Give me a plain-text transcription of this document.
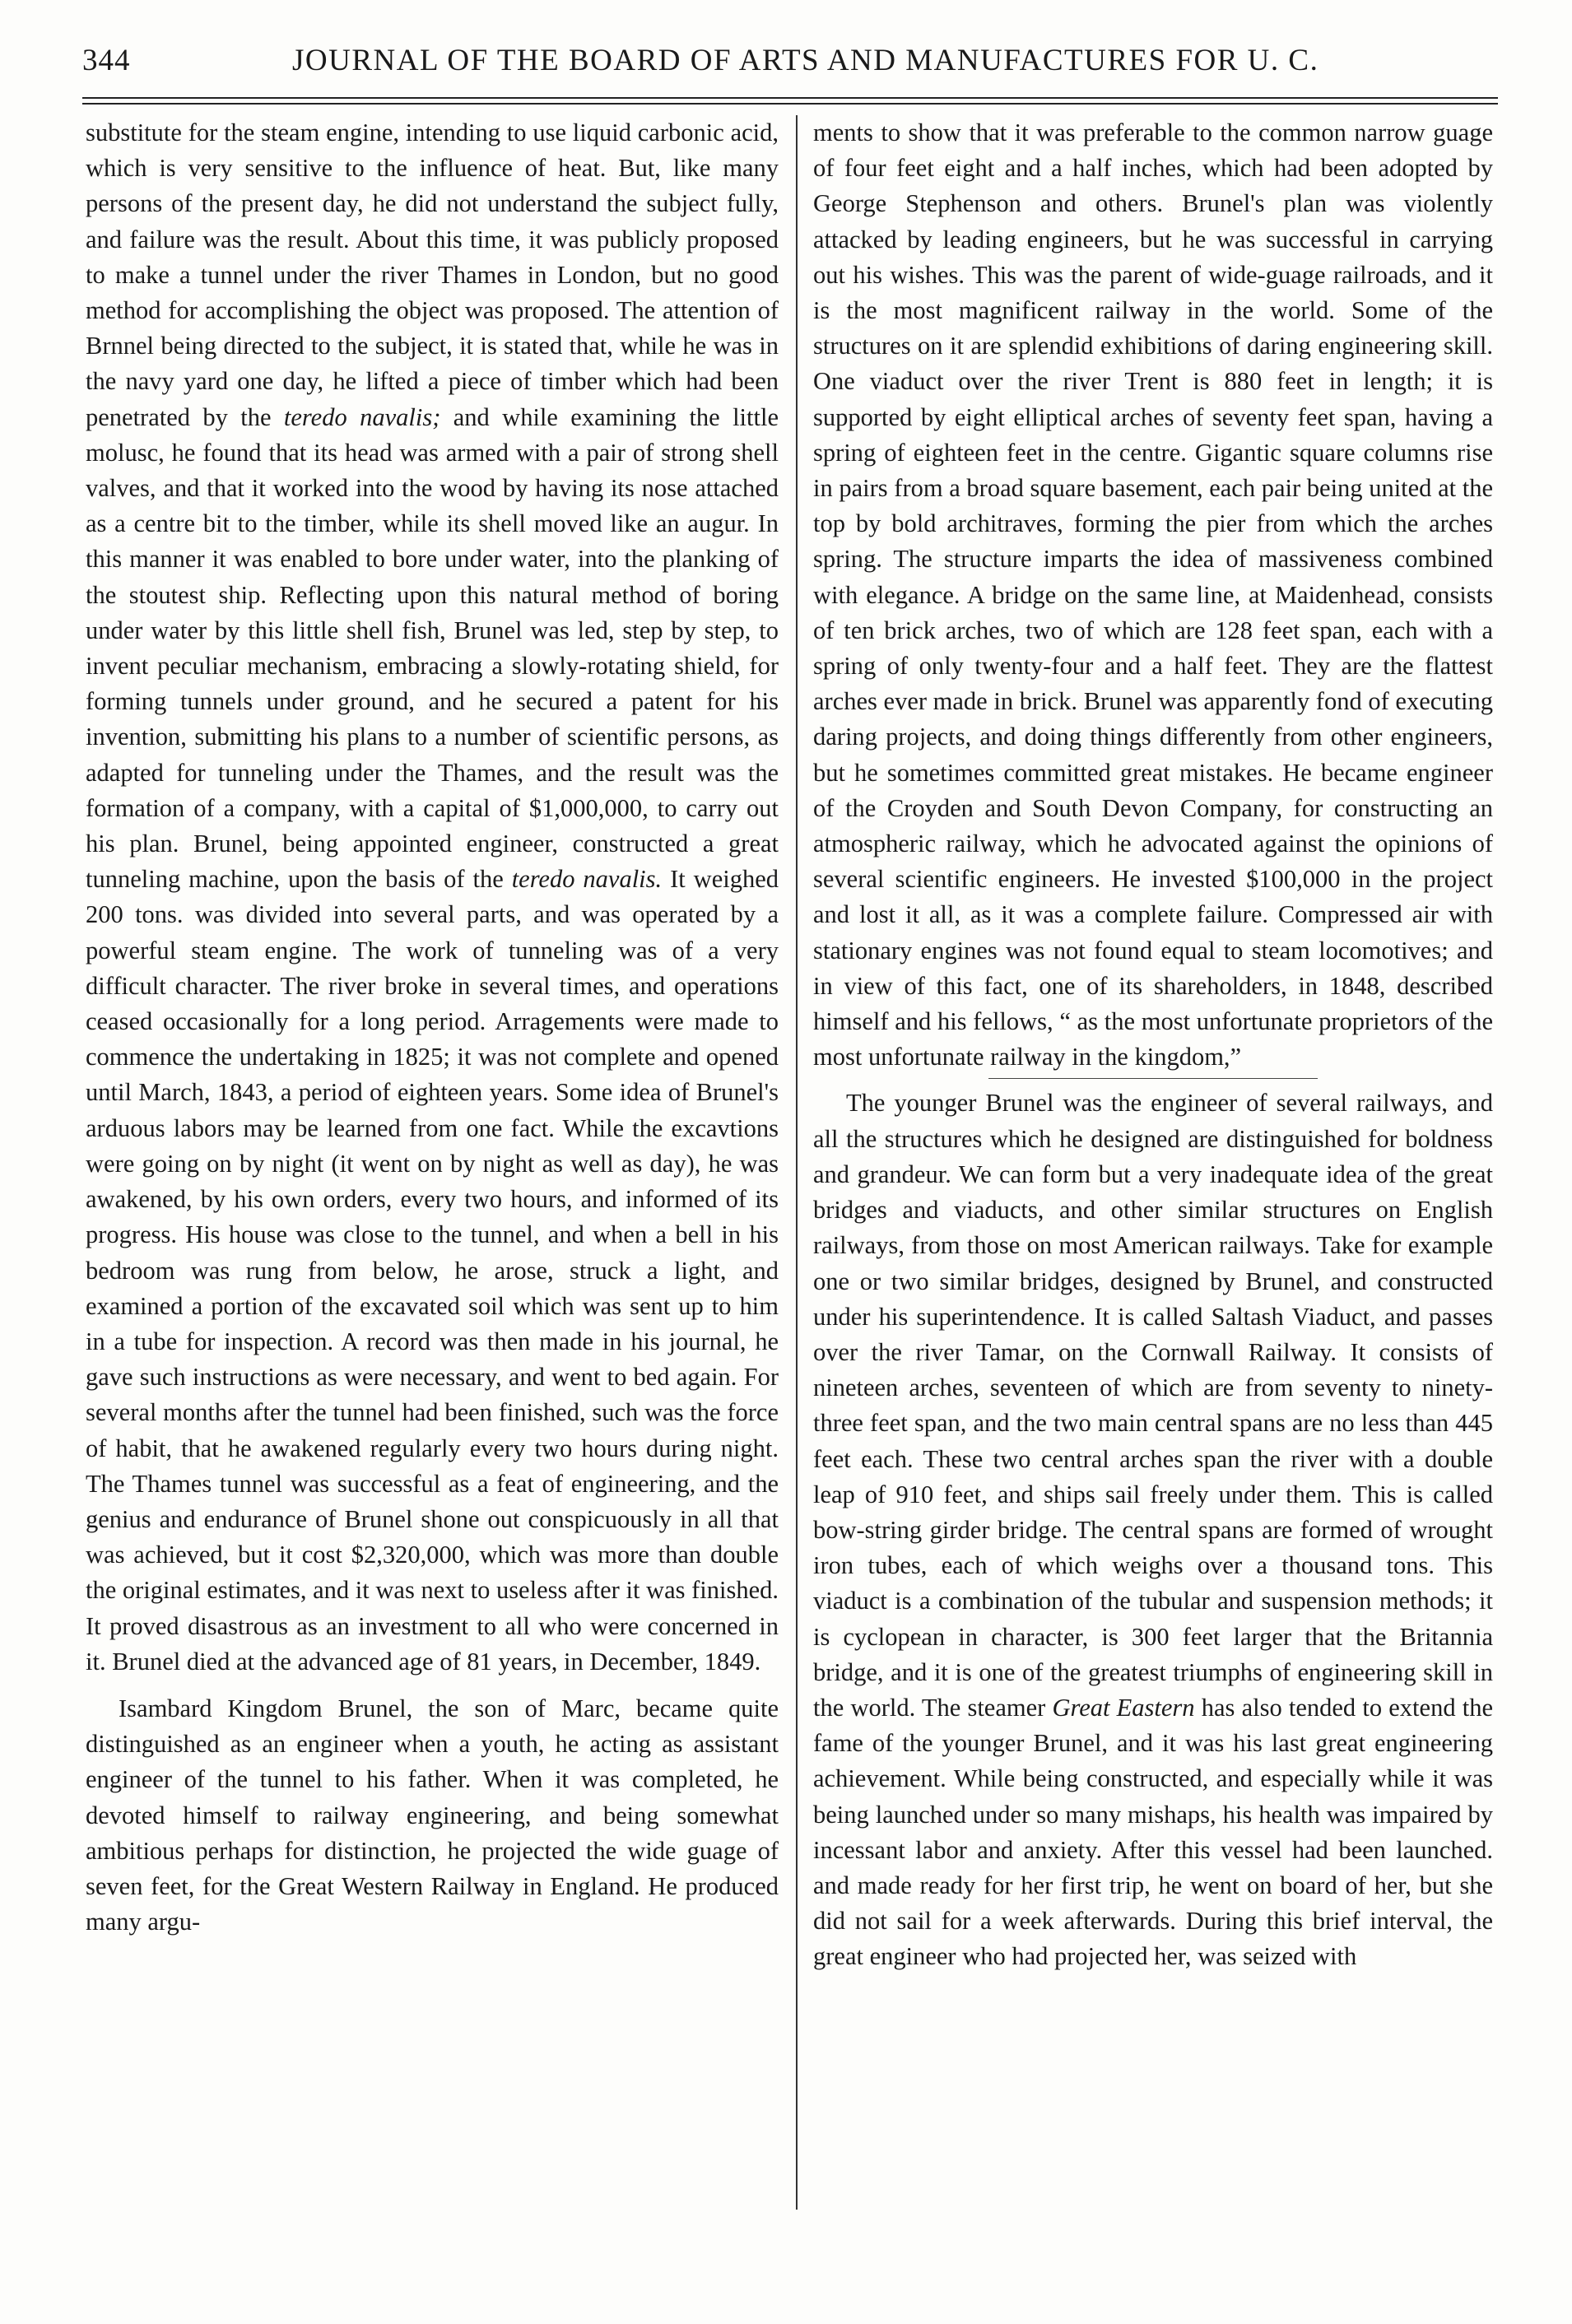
344	JOURNAL OF THE BOARD OF ARTS AND MANUFACTURES FOR U. C.

substitute for the steam engine, intending to use liquid carbonic acid, which is very sensitive to the influence of heat. But, like many persons of the present day, he did not understand the subject fully, and failure was the result. About this time, it was publicly proposed to make a tunnel under the river Thames in London, but no good method for accomplishing the object was proposed. The attention of Brnnel being directed to the subject, it is stated that, while he was in the navy yard one day, he lifted a piece of timber which had been penetrated by the teredo navalis; and while examining the little molusc, he found that its head was armed with a pair of strong shell valves, and that it worked into the wood by having its nose attached as a centre bit to the timber, while its shell moved like an augur. In this manner it was enabled to bore under water, into the planking of the stoutest ship. Reflecting upon this natural method of boring under water by this little shell fish, Brunel was led, step by step, to invent peculiar mechanism, embracing a slowly-rotating shield, for forming tunnels under ground, and he secured a patent for his invention, submitting his plans to a number of scientific persons, as adapted for tunneling under the Thames, and the result was the formation of a company, with a capital of $1,000,000, to carry out his plan. Brunel, being appointed engineer, constructed a great tunneling machine, upon the basis of the teredo navalis. It weighed 200 tons. was divided into several parts, and was operated by a powerful steam engine. The work of tunneling was of a very difficult character. The river broke in several times, and operations ceased occasionally for a long period. Arragements were made to commence the undertaking in 1825; it was not complete and opened until March, 1843, a period of eighteen years. Some idea of Brunel's arduous labors may be learned from one fact. While the excavtions were going on by night (it went on by night as well as day), he was awakened, by his own orders, every two hours, and informed of its progress. His house was close to the tunnel, and when a bell in his bedroom was rung from below, he arose, struck a light, and examined a portion of the excavated soil which was sent up to him in a tube for inspection. A record was then made in his journal, he gave such instructions as were necessary, and went to bed again. For several months after the tunnel had been finished, such was the force of habit, that he awakened regularly every two hours during night. The Thames tunnel was successful as a feat of engineering, and the genius and endurance of Brunel shone out conspicuously in all that was achieved, but it cost $2,320,000, which was more than double the original estimates, and it was next to useless after it was finished. It proved disastrous as an investment to all who were concerned in it. Brunel died at the advanced age of 81 years, in December, 1849.

Isambard Kingdom Brunel, the son of Marc, became quite distinguished as an engineer when a youth, he acting as assistant engineer of the tunnel to his father. When it was completed, he devoted himself to railway engineering, and being somewhat ambitious perhaps for distinction, he projected the wide guage of seven feet, for the Great Western Railway in England. He produced many argu-

ments to show that it was preferable to the common narrow guage of four feet eight and a half inches, which had been adopted by George Stephenson and others. Brunel's plan was violently attacked by leading engineers, but he was successful in carrying out his wishes. This was the parent of wide-guage railroads, and it is the most magnificent railway in the world. Some of the structures on it are splendid exhibitions of daring engineering skill. One viaduct over the river Trent is 880 feet in length; it is supported by eight elliptical arches of seventy feet span, having a spring of eighteen feet in the centre. Gigantic square columns rise in pairs from a broad square basement, each pair being united at the top by bold architraves, forming the pier from which the arches spring. The structure imparts the idea of massiveness combined with elegance. A bridge on the same line, at Maidenhead, consists of ten brick arches, two of which are 128 feet span, each with a spring of only twenty-four and a half feet. They are the flattest arches ever made in brick. Brunel was apparently fond of executing daring projects, and doing things differently from other engineers, but he sometimes committed great mistakes. He became engineer of the Croyden and South Devon Company, for constructing an atmospheric railway, which he advocated against the opinions of several scientific engineers. He invested $100,000 in the project and lost it all, as it was a complete failure. Compressed air with stationary engines was not found equal to steam locomotives; and in view of this fact, one of its shareholders, in 1848, described himself and his fellows, “ as the most unfortunate proprietors of the most unfortunate railway in the kingdom,”

The younger Brunel was the engineer of several railways, and all the structures which he designed are distinguished for boldness and grandeur. We can form but a very inadequate idea of the great bridges and viaducts, and other similar structures on English railways, from those on most American railways. Take for example one or two similar bridges, designed by Brunel, and constructed under his superintendence. It is called Saltash Viaduct, and passes over the river Tamar, on the Cornwall Railway. It consists of nineteen arches, seventeen of which are from seventy to ninety-three feet span, and the two main central spans are no less than 445 feet each. These two central arches span the river with a double leap of 910 feet, and ships sail freely under them. This is called bow-string girder bridge. The central spans are formed of wrought iron tubes, each of which weighs over a thousand tons. This viaduct is a combination of the tubular and suspension methods; it is cyclopean in character, is 300 feet larger that the Britannia bridge, and it is one of the greatest triumphs of engineering skill in the world. The steamer Great Eastern has also tended to extend the fame of the younger Brunel, and it was his last great engineering achievement. While being constructed, and especially while it was being launched under so many mishaps, his health was impaired by incessant labor and anxiety. After this vessel had been launched. and made ready for her first trip, he went on board of her, but she did not sail for a week afterwards. During this brief interval, the great engineer who had projected her, was seized with
